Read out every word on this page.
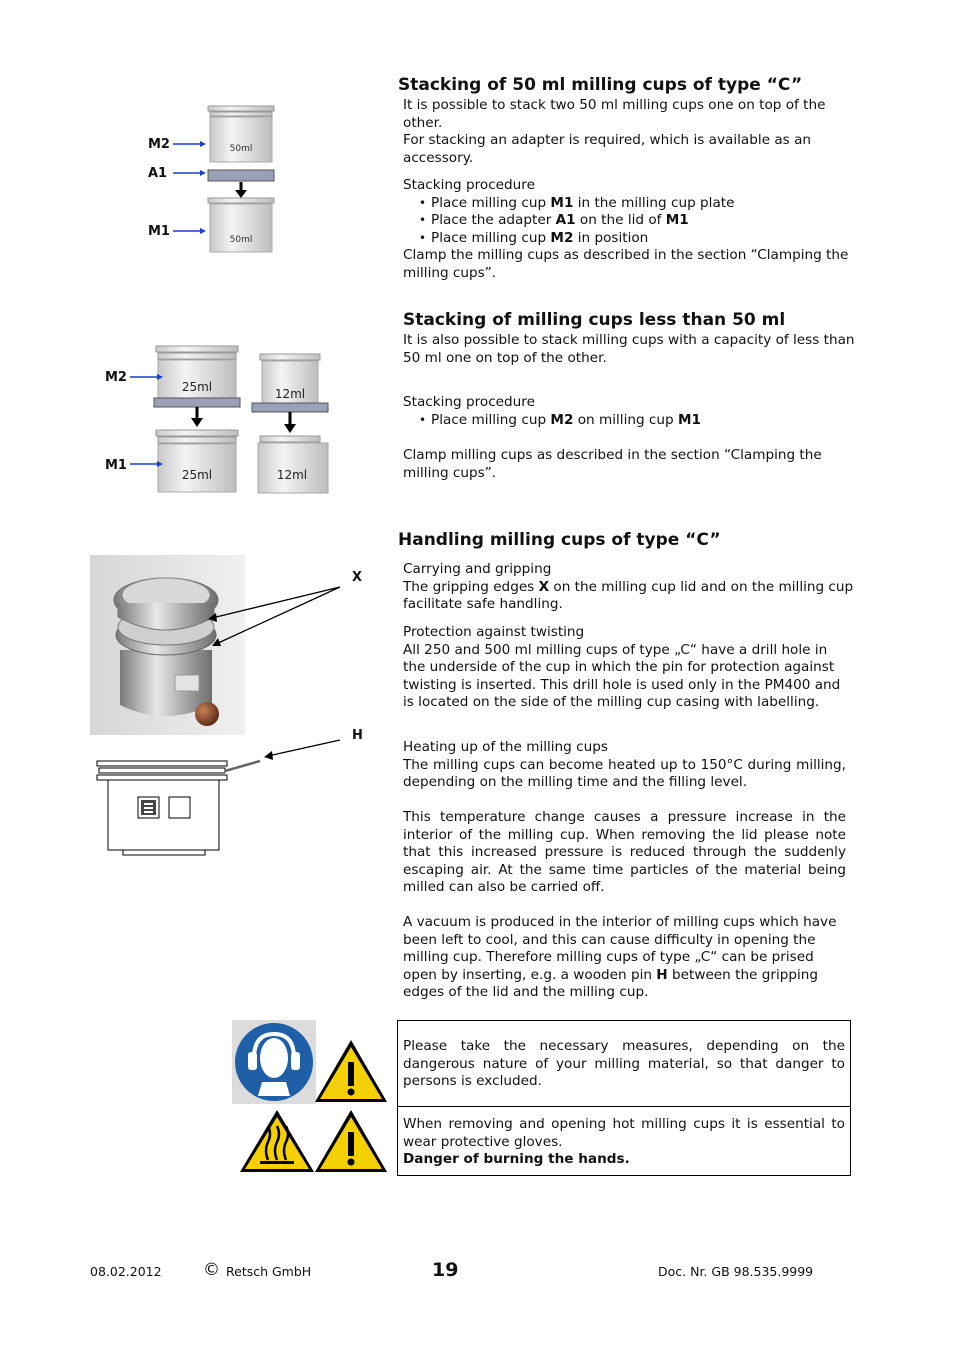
Stacking of 50 ml milling cups of type “C”
It is possible to stack two 50 ml milling cups one on top of the other.
For stacking an adapter is required, which is available as an accessory.
Stacking procedure
• Place milling cup M1 in the milling cup plate
• Place the adapter A1 on the lid of M1
• Place milling cup M2 in position
Clamp the milling cups as described in the section “Clamping the milling cups”.
50ml
50ml
M2
A1
M1
Stacking of milling cups less than 50 ml
It is also possible to stack milling cups with a capacity of less than 50 ml one on top of the other.
Stacking procedure
• Place milling cup M2 on milling cup M1
Clamp milling cups as described in the section “Clamping the milling cups”.
25ml	12ml
25ml	12ml
M2
M1
Handling milling cups of type “C”
Carrying and gripping
The gripping edges X on the milling cup lid and on the milling cup facilitate safe handling.
Protection against twisting
All 250 and 500 ml milling cups of type „C“ have a drill hole in the underside of the cup in which the pin for protection against twisting is inserted. This drill hole is used only in the PM400 and is located on the side of the milling cup casing with labelling.
Heating up of the milling cups
The milling cups can become heated up to 150°C during milling, depending on the milling time and the filling level.
This temperature change causes a pressure increase in the interior of the milling cup. When removing the lid please note that this increased pressure is reduced through the suddenly escaping air. At the same time particles of the material being milled can also be carried off.
A vacuum is produced in the interior of milling cups which have been left to cool, and this can cause difficulty in opening the milling cup. Therefore milling cups of type „C“ can be prised open by inserting, e.g. a wooden pin H between the gripping edges of the lid and the milling cup.
X
H
Please take the necessary measures, depending on the dangerous nature of your milling material, so that danger to persons is excluded.
When removing and opening hot milling cups it is essential to wear protective gloves.
Danger of burning the hands.
08.02.2012 © Retsch GmbH	19	Doc. Nr. GB 98.535.9999
